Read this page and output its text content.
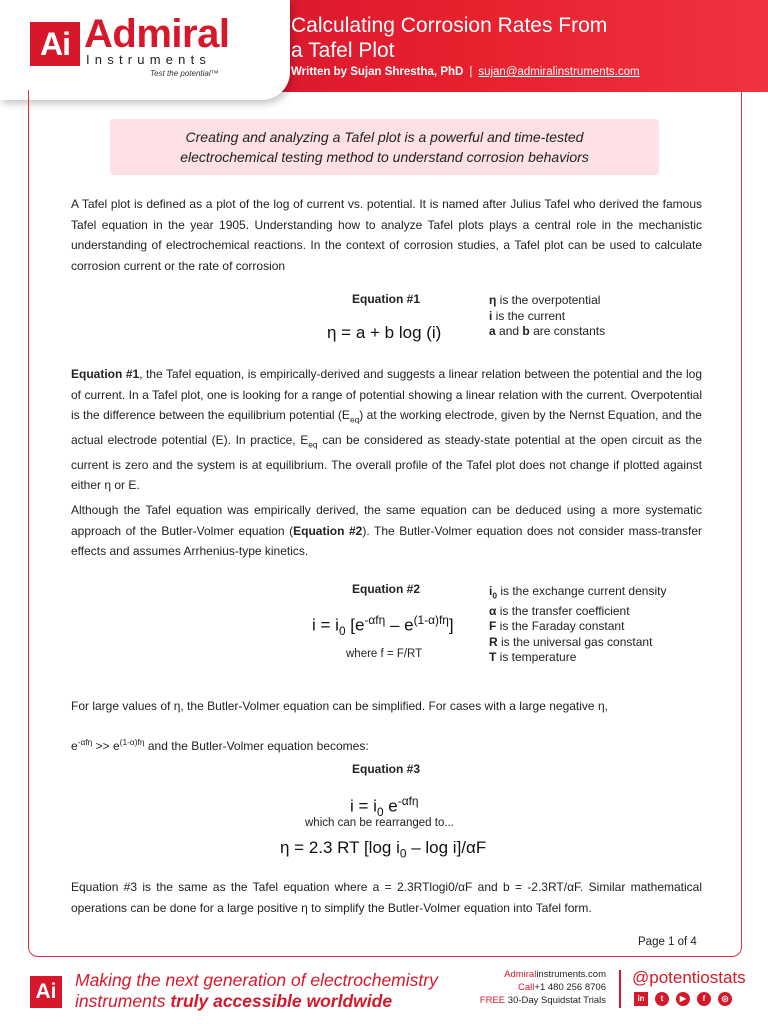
Ai Admiral
Instruments
Test the potential™
Calculating Corrosion Rates From
a Tafel Plot
Written by Sujan Shrestha, PhD | sujan@admiralinstruments.com
Creating and analyzing a Tafel plot is a powerful and time-tested
electrochemical testing method to understand corrosion behaviors
A Tafel plot is defined as a plot of the log of current vs. potential. It is named after Julius Tafel who derived the famous Tafel equation in the year 1905. Understanding how to analyze Tafel plots plays a central role in the mechanistic understanding of electrochemical reactions. In the context of corrosion studies, a Tafel plot can be used to calculate corrosion current or the rate of corrosion
Equation #1
η = a + b log (i)
η is the overpotential
i is the current
a and b are constants
Equation #1, the Tafel equation, is empirically-derived and suggests a linear relation between the potential and the log of current. In a Tafel plot, one is looking for a range of potential showing a linear relation with the current. Overpotential is the difference between the equilibrium potential $(E_{eq})$ at the working electrode, given by the Nernst Equation, and the actual electrode potential (E). In practice, $E_{eq}$ can be considered as steady-state potential at the open circuit as the current is zero and the system is at equilibrium. The overall profile of the Tafel plot does not change if plotted against either η or E.
Although the Tafel equation was empirically derived, the same equation can be deduced using a more systematic approach of the Butler-Volmer equation (Equation #2). The Butler-Volmer equation does not consider mass-transfer effects and assumes Arrhenius-type kinetics.
Equation #2
$i = i_0$ $[e^{-\alpha f\eta} - e^{(1-\alpha)f\eta}]$
where f = F/RT
$i_0$ is the exchange current density
α is the transfer coefficient
F is the Faraday constant
R is the universal gas constant
T is temperature
For large values of η, the Butler-Volmer equation can be simplified. For cases with a large negative η,
$e^{-\alpha f\eta} >> e^{(1-\alpha)f\eta}$ and the Butler-Volmer equation becomes:
Equation #3
$i = i_0$ $e^{-\alpha f\eta}$
which can be rearranged to...
η = 2.3 RT [log $i_0$ – log i]/αF
Equation #3 is the same as the Tafel equation where a = 2.3RTlogi0/αF and b = -2.3RT/αF. Similar mathematical operations can be done for a large positive η to simplify the Butler-Volmer equation into Tafel form.
Page 1 of 4
Ai	Making the next generation of electrochemistry
instruments truly accessible worldwide
Admiralinstruments.com
Call+1 480 256 8706
FREE 30-Day Squidstat Trials
@potentiostats
in	t	▶	f	◎
